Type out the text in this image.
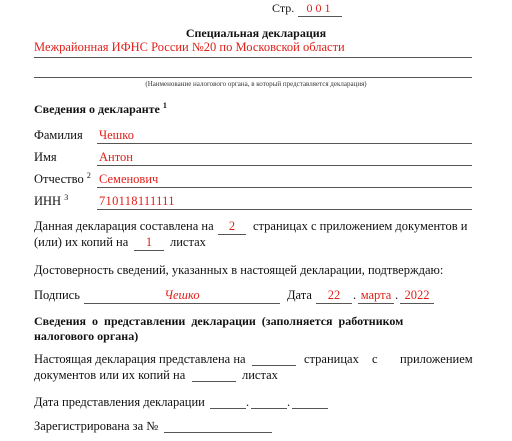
Стр.	001
Специальная декларация
Межрайонная ИФНС России №20 по Московской области
(Наименование налогового органа, в который представляется декларация)
Сведения о декларанте $^1$
Фамилия Чешко
Имя	Антон
Отчество $^2$ Семенович
ИНН $^3$ 710118111111
Данная декларация составлена на	2	страницах с приложением документов и
(или) их копий на	1	листах
Достоверность сведений, указанных в настоящей декларации, подтверждаю:
Подпись	Чешко	Дата	22	. марта . 2022
Сведения  о  представлении  декларации  (заполняется  работником
налогового органа)
Настоящая декларация представлена на	страницах с приложением
документов или их копий на	листах
Дата представления декларации	.	.
Зарегистрирована за №
